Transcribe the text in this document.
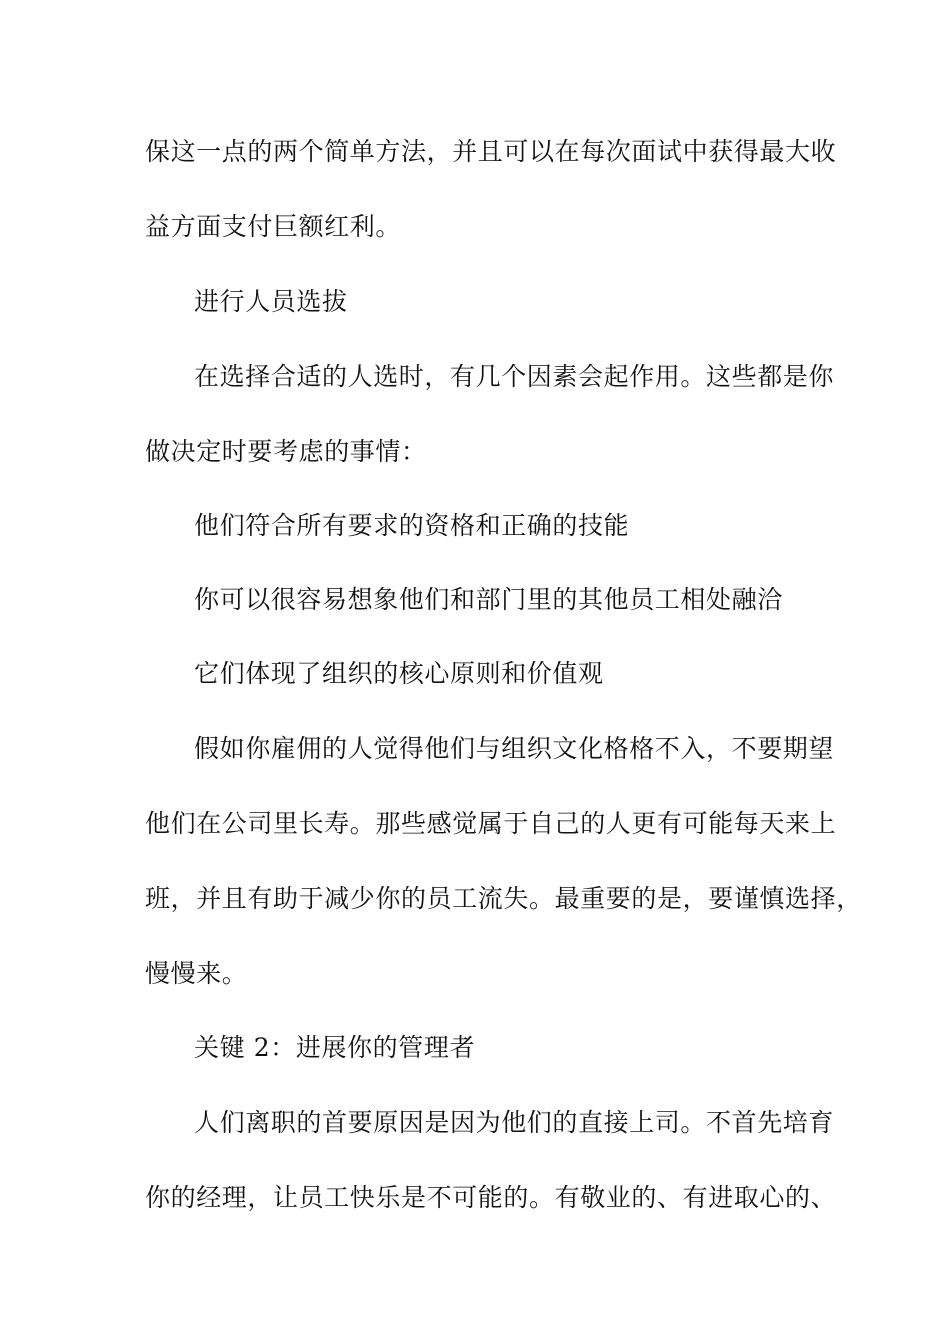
保这一点的两个简单方法，并且可以在每次面试中获得最大收
益方面支付巨额红利。
进行人员选拔
在选择合适的人选时，有几个因素会起作用。这些都是你
做决定时要考虑的事情：
他们符合所有要求的资格和正确的技能
你可以很容易想象他们和部门里的其他员工相处融洽
它们体现了组织的核心原则和价值观
假如你雇佣的人觉得他们与组织文化格格不入，不要期望
他们在公司里长寿。那些感觉属于自己的人更有可能每天来上
班，并且有助于减少你的员工流失。最重要的是，要谨慎选择，
慢慢来。
关键 2：进展你的管理者
人们离职的首要原因是因为他们的直接上司。不首先培育
你的经理，让员工快乐是不可能的。有敬业的、有进取心的、
